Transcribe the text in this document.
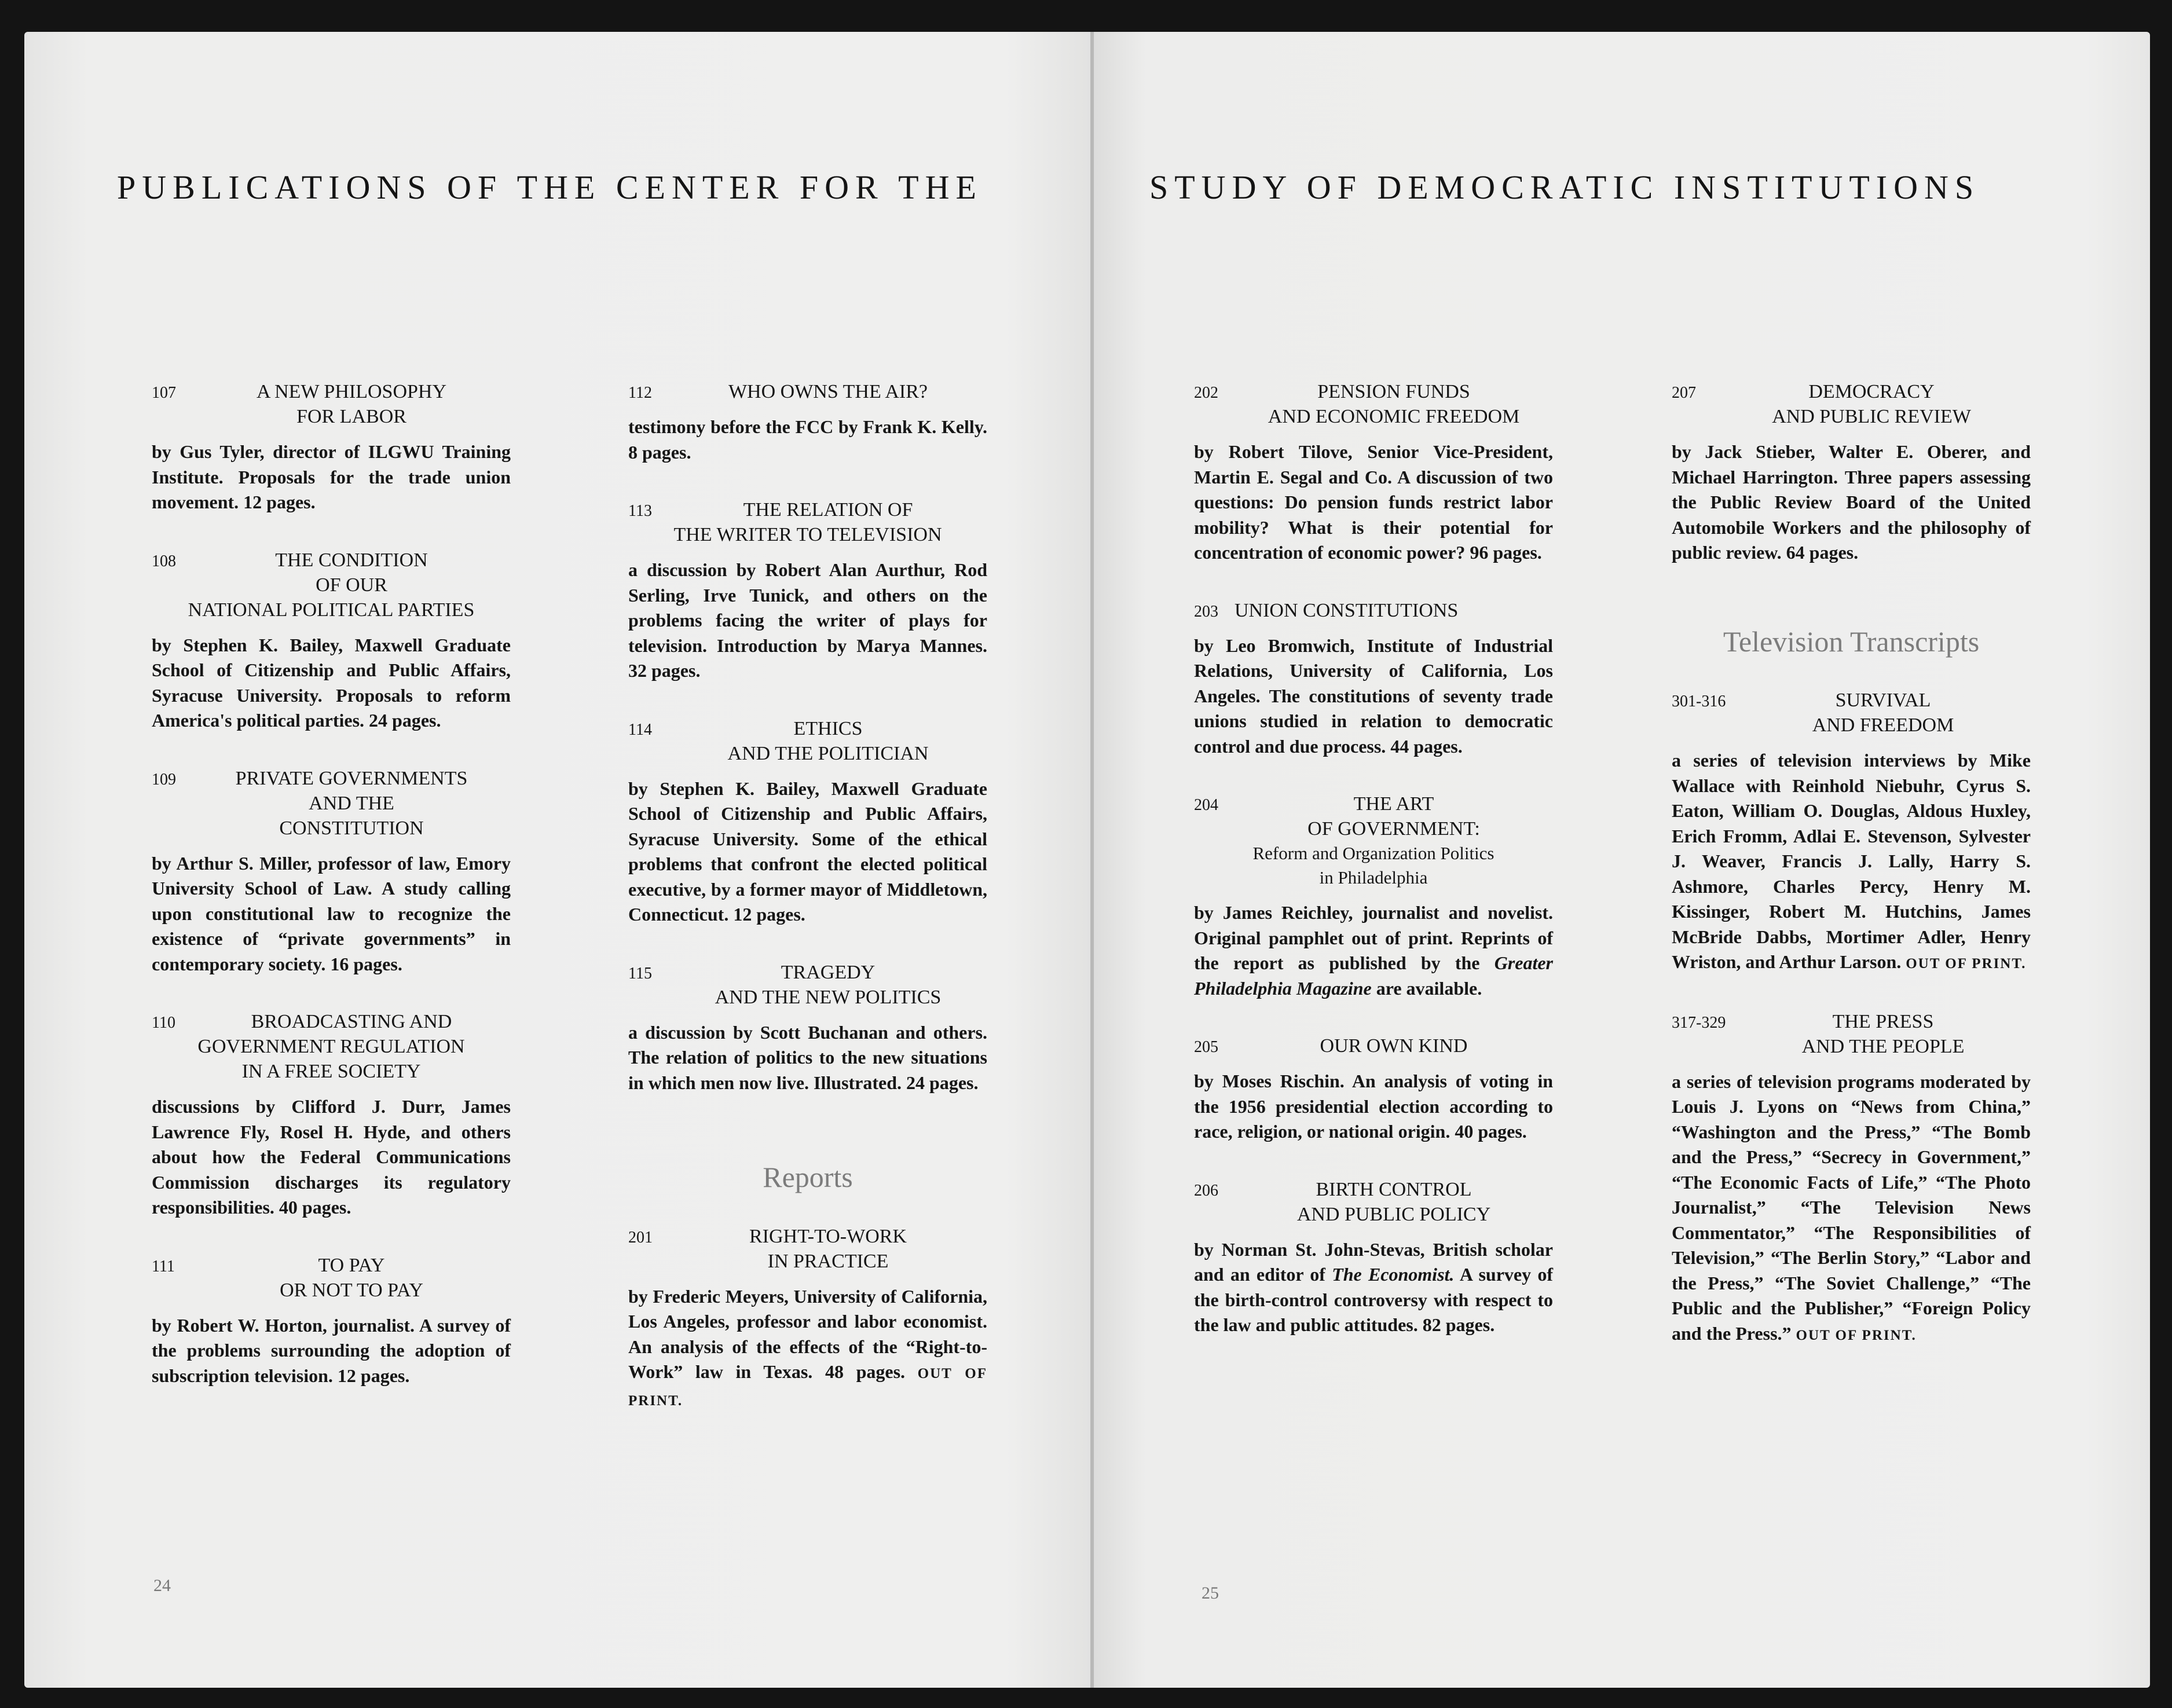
PUBLICATIONS OF THE CENTER FOR THE	STUDY OF DEMOCRATIC INSTITUTIONS
107	A NEW PHILOSOPHY
FOR LABOR

by Gus Tyler, director of ILGWU Training Institute. Proposals for the trade union movement. 12 pages.

108	THE CONDITION
OF OUR
NATIONAL POLITICAL PARTIES

by Stephen K. Bailey, Maxwell Graduate School of Citizenship and Public Affairs, Syracuse University. Proposals to reform America's political parties. 24 pages.

109	PRIVATE GOVERNMENTS
AND THE
CONSTITUTION

by Arthur S. Miller, professor of law, Emory University School of Law. A study calling upon constitutional law to recognize the existence of “private governments” in contemporary society. 16 pages.

110	BROADCASTING AND
GOVERNMENT REGULATION
IN A FREE SOCIETY

discussions by Clifford J. Durr, James Lawrence Fly, Rosel H. Hyde, and others about how the Federal Communications Commission discharges its regulatory responsibilities. 40 pages.

111	TO PAY
OR NOT TO PAY

by Robert W. Horton, journalist. A survey of the problems surrounding the adoption of subscription television. 12 pages.

112	WHO OWNS THE AIR?

testimony before the FCC by Frank K. Kelly. 8 pages.

113	THE RELATION OF
THE WRITER TO TELEVISION

a discussion by Robert Alan Aurthur, Rod Serling, Irve Tunick, and others on the problems facing the writer of plays for television. Introduction by Marya Mannes. 32 pages.

114	ETHICS
AND THE POLITICIAN

by Stephen K. Bailey, Maxwell Graduate School of Citizenship and Public Affairs, Syracuse University. Some of the ethical problems that confront the elected political executive, by a former mayor of Middletown, Connecticut. 12 pages.

115	TRAGEDY
AND THE NEW POLITICS

a discussion by Scott Buchanan and others. The relation of politics to the new situations in which men now live. Illustrated. 24 pages.

Reports
201	RIGHT-TO-WORK
IN PRACTICE

by Frederic Meyers, University of California, Los Angeles, professor and labor economist. An analysis of the effects of the “Right-to-Work” law in Texas. 48 pages. OUT OF PRINT.

202	PENSION FUNDS
AND ECONOMIC FREEDOM

by Robert Tilove, Senior Vice-President, Martin E. Segal and Co. A discussion of two questions: Do pension funds restrict labor mobility? What is their potential for concentration of economic power? 96 pages.

203 UNION CONSTITUTIONS

by Leo Bromwich, Institute of Industrial Relations, University of California, Los Angeles. The constitutions of seventy trade unions studied in relation to democratic control and due process. 44 pages.

204	THE ART
OF GOVERNMENT:
Reform and Organization Politics
in Philadelphia

by James Reichley, journalist and novelist. Original pamphlet out of print. Reprints of the report as published by the Greater Philadelphia Magazine are available.

205	OUR OWN KIND

by Moses Rischin. An analysis of voting in the 1956 presidential election according to race, religion, or national origin. 40 pages.

206	BIRTH CONTROL
AND PUBLIC POLICY

by Norman St. John-Stevas, British scholar and an editor of The Economist. A survey of the birth-control controversy with respect to the law and public attitudes. 82 pages.

207	DEMOCRACY
AND PUBLIC REVIEW

by Jack Stieber, Walter E. Oberer, and Michael Harrington. Three papers assessing the Public Review Board of the United Automobile Workers and the philosophy of public review. 64 pages.

Television Transcripts
301-316	SURVIVAL
AND FREEDOM

a series of television interviews by Mike Wallace with Reinhold Niebuhr, Cyrus S. Eaton, William O. Douglas, Aldous Huxley, Erich Fromm, Adlai E. Stevenson, Sylvester J. Weaver, Francis J. Lally, Harry S. Ashmore, Charles Percy, Henry M. Kissinger, Robert M. Hutchins, James McBride Dabbs, Mortimer Adler, Henry Wriston, and Arthur Larson. OUT OF PRINT.

317-329	THE PRESS
AND THE PEOPLE

a series of television programs moderated by Louis J. Lyons on “News from China,” “Washington and the Press,” “The Bomb and the Press,” “Secrecy in Government,” “The Economic Facts of Life,” “The Photo Journalist,” “The Television News Commentator,” “The Responsibilities of Television,” “The Berlin Story,” “Labor and the Press,” “The Soviet Challenge,” “The Public and the Publisher,” “Foreign Policy and the Press.” OUT OF PRINT.

24	25
